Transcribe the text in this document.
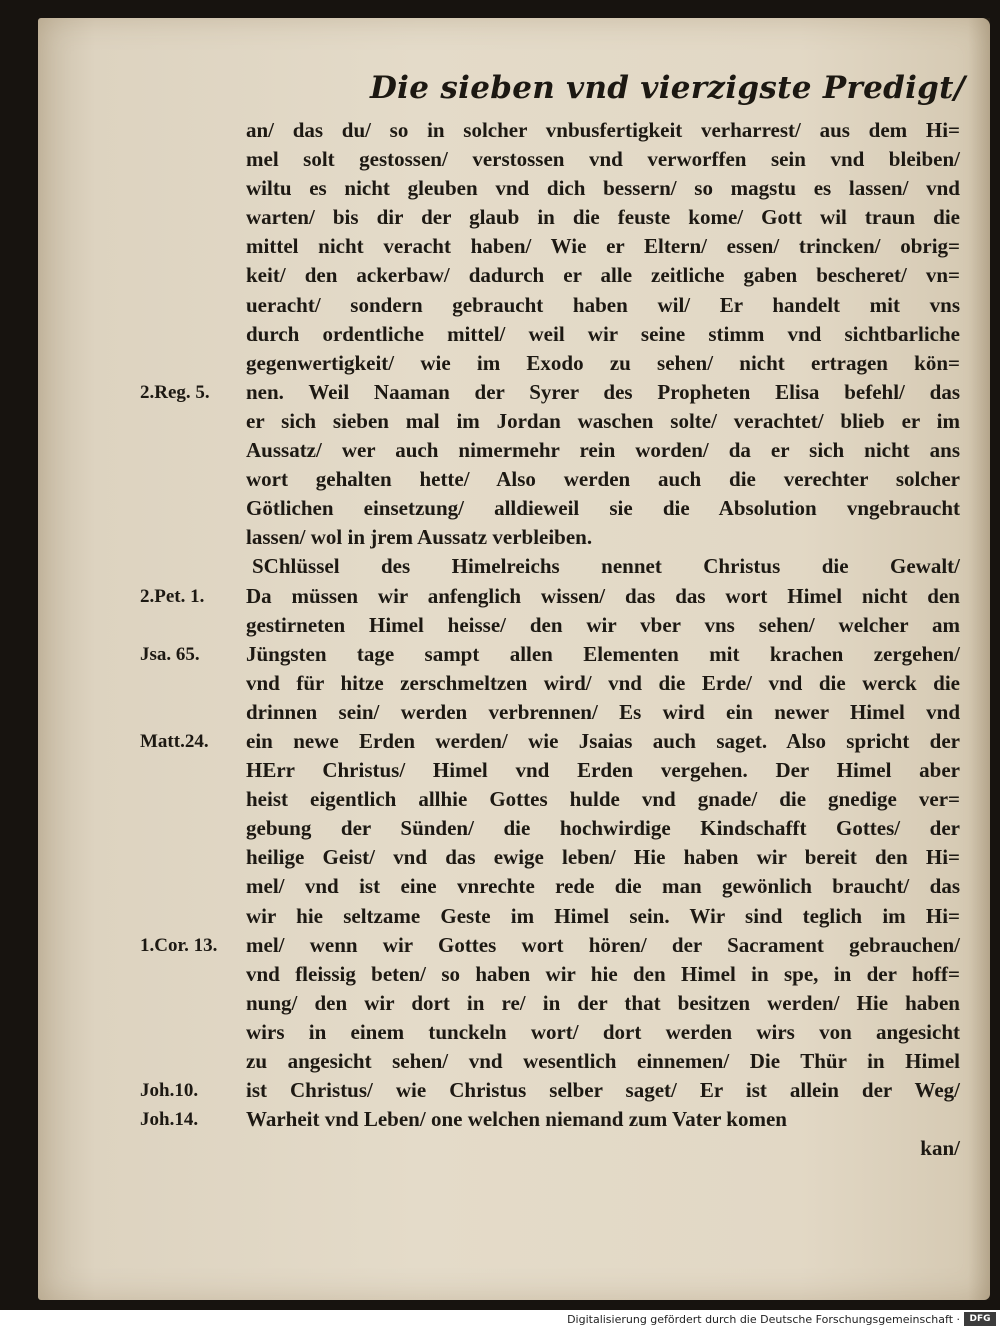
Die sieben vnd vierzigste Predigt/
an/ das du/ so in solcher vnbusfertigkeit verharrest/ aus dem Hi=
mel solt gestossen/ verstossen vnd verworffen sein vnd bleiben/
wiltu es nicht gleuben vnd dich bessern/ so magstu es lassen/ vnd
warten/ bis dir der glaub in die feuste kome/ Gott wil traun die
mittel nicht veracht haben/ Wie er Eltern/ essen/ trincken/ obrig=
keit/ den ackerbaw/ dadurch er alle zeitliche gaben bescheret/ vn=
ueracht/ sondern gebraucht haben wil/ Er handelt mit vns
durch ordentliche mittel/ weil wir seine stimm vnd sichtbarliche
gegenwertigkeit/ wie im Exodo zu sehen/ nicht ertragen kön=
nen. Weil Naaman der Syrer des Propheten Elisa befehl/ das
er sich sieben mal im Jordan waschen solte/ verachtet/ blieb er im
Aussatz/ wer auch nimermehr rein worden/ da er sich nicht ans
wort gehalten hette/ Also werden auch die verechter solcher
Götlichen einsetzung/ alldieweil sie die Absolution vngebraucht
lassen/ wol in jrem Aussatz verbleiben.
SChlüssel des Himelreichs nennet Christus die Gewalt/
Da müssen wir anfenglich wissen/ das das wort Himel nicht den
gestirneten Himel heisse/ den wir vber vns sehen/ welcher am
Jüngsten tage sampt allen Elementen mit krachen zergehen/
vnd für hitze zerschmeltzen wird/ vnd die Erde/ vnd die werck die
drinnen sein/ werden verbrennen/ Es wird ein newer Himel vnd
ein newe Erden werden/ wie Jsaias auch saget. Also spricht der
HErr Christus/ Himel vnd Erden vergehen. Der Himel aber
heist eigentlich allhie Gottes hulde vnd gnade/ die gnedige ver=
gebung der Sünden/ die hochwirdige Kindschafft Gottes/ der
heilige Geist/ vnd das ewige leben/ Hie haben wir bereit den Hi=
mel/ vnd ist eine vnrechte rede die man gewönlich braucht/ das
wir hie seltzame Geste im Himel sein. Wir sind teglich im Hi=
mel/ wenn wir Gottes wort hören/ der Sacrament gebrauchen/
vnd fleissig beten/ so haben wir hie den Himel in spe, in der hoff=
nung/ den wir dort in re/ in der that besitzen werden/ Hie haben
wirs in einem tunckeln wort/ dort werden wirs von angesicht
zu angesicht sehen/ vnd wesentlich einnemen/ Die Thür in Himel
ist Christus/ wie Christus selber saget/ Er ist allein der Weg/
Warheit vnd Leben/ one welchen niemand zum Vater komen
kan/
2.Reg. 5.
2.Pet. 1.
Jsa. 65.
Matt.24.
1.Cor. 13.
Joh.10.
Joh.14.
Digitalisierung gefördert durch die Deutsche Forschungsgemeinschaft ·	DFG
